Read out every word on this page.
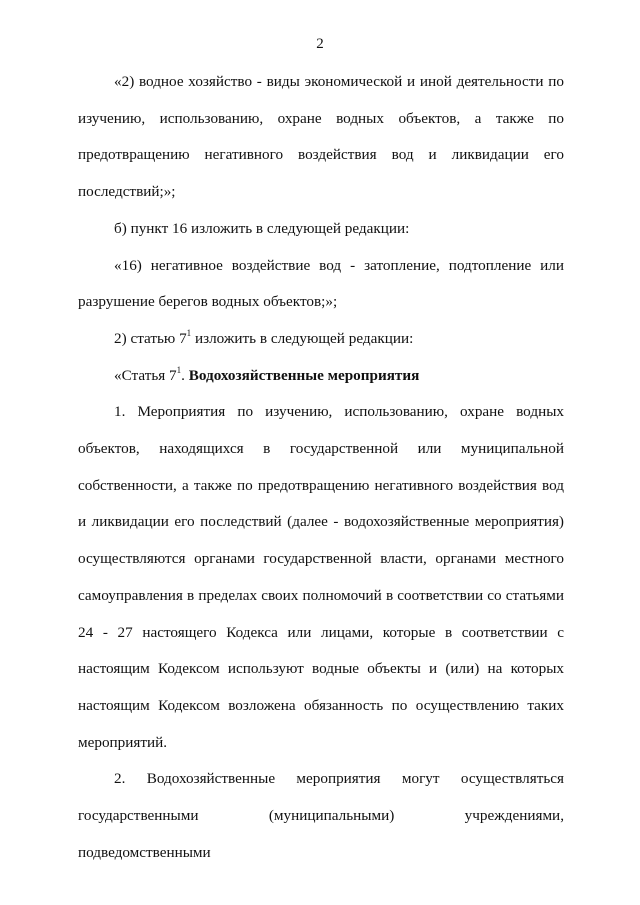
2

«2) водное хозяйство - виды экономической и иной деятельности по изучению, использованию, охране водных объектов, а также по предотвращению негативного воздействия вод и ликвидации его последствий;»;

б) пункт 16 изложить в следующей редакции:

«16) негативное воздействие вод - затопление, подтопление или разрушение берегов водных объектов;»;

2) статью $7^1$ изложить в следующей редакции:

«Статья $7^1$. Водохозяйственные мероприятия

1. Мероприятия по изучению, использованию, охране водных объектов, находящихся в государственной или муниципальной собственности, а также по предотвращению негативного воздействия вод и ликвидации его последствий (далее - водохозяйственные мероприятия) осуществляются органами государственной власти, органами местного самоуправления в пределах своих полномочий в соответствии со статьями 24 - 27 настоящего Кодекса или лицами, которые в соответствии с настоящим Кодексом используют водные объекты и (или) на которых настоящим Кодексом возложена обязанность по осуществлению таких мероприятий.

2. Водохозяйственные мероприятия могут осуществляться государственными (муниципальными) учреждениями, подведомственными
